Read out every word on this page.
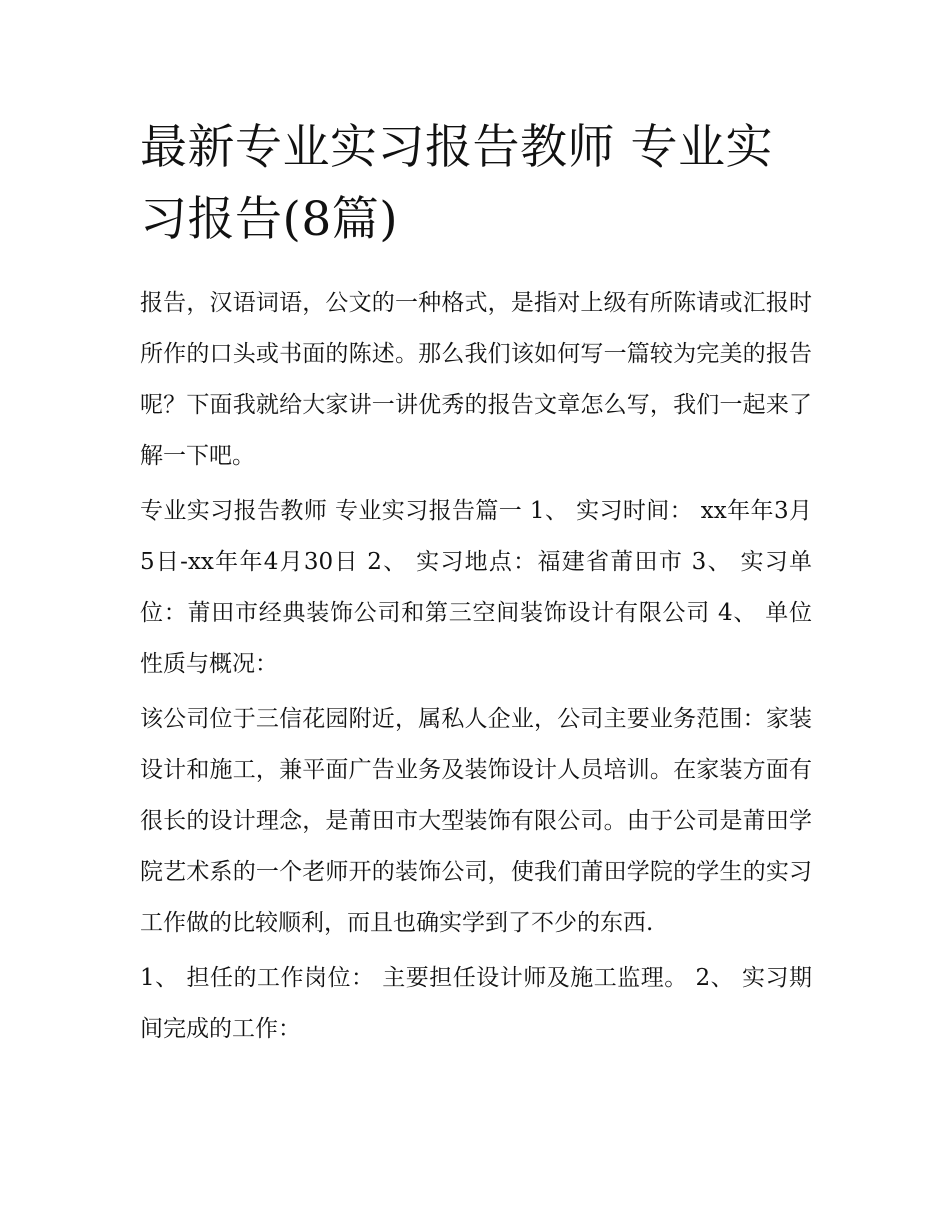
最新专业实习报告教师 专业实习报告(8篇)

报告，汉语词语，公文的一种格式，是指对上级有所陈请或汇报时所作的口头或书面的陈述。那么我们该如何写一篇较为完美的报告呢？下面我就给大家讲一讲优秀的报告文章怎么写，我们一起来了解一下吧。

专业实习报告教师 专业实习报告篇一 1、 实习时间： xx年年3月5日-xx年年4月30日 2、 实习地点：福建省莆田市 3、 实习单位：莆田市经典装饰公司和第三空间装饰设计有限公司 4、 单位性质与概况：

该公司位于三信花园附近，属私人企业，公司主要业务范围：家装设计和施工，兼平面广告业务及装饰设计人员培训。在家装方面有很长的设计理念，是莆田市大型装饰有限公司。由于公司是莆田学院艺术系的一个老师开的装饰公司，使我们莆田学院的学生的实习工作做的比较顺利，而且也确实学到了不少的东西.

1、 担任的工作岗位： 主要担任设计师及施工监理。 2、 实习期间完成的工作：
